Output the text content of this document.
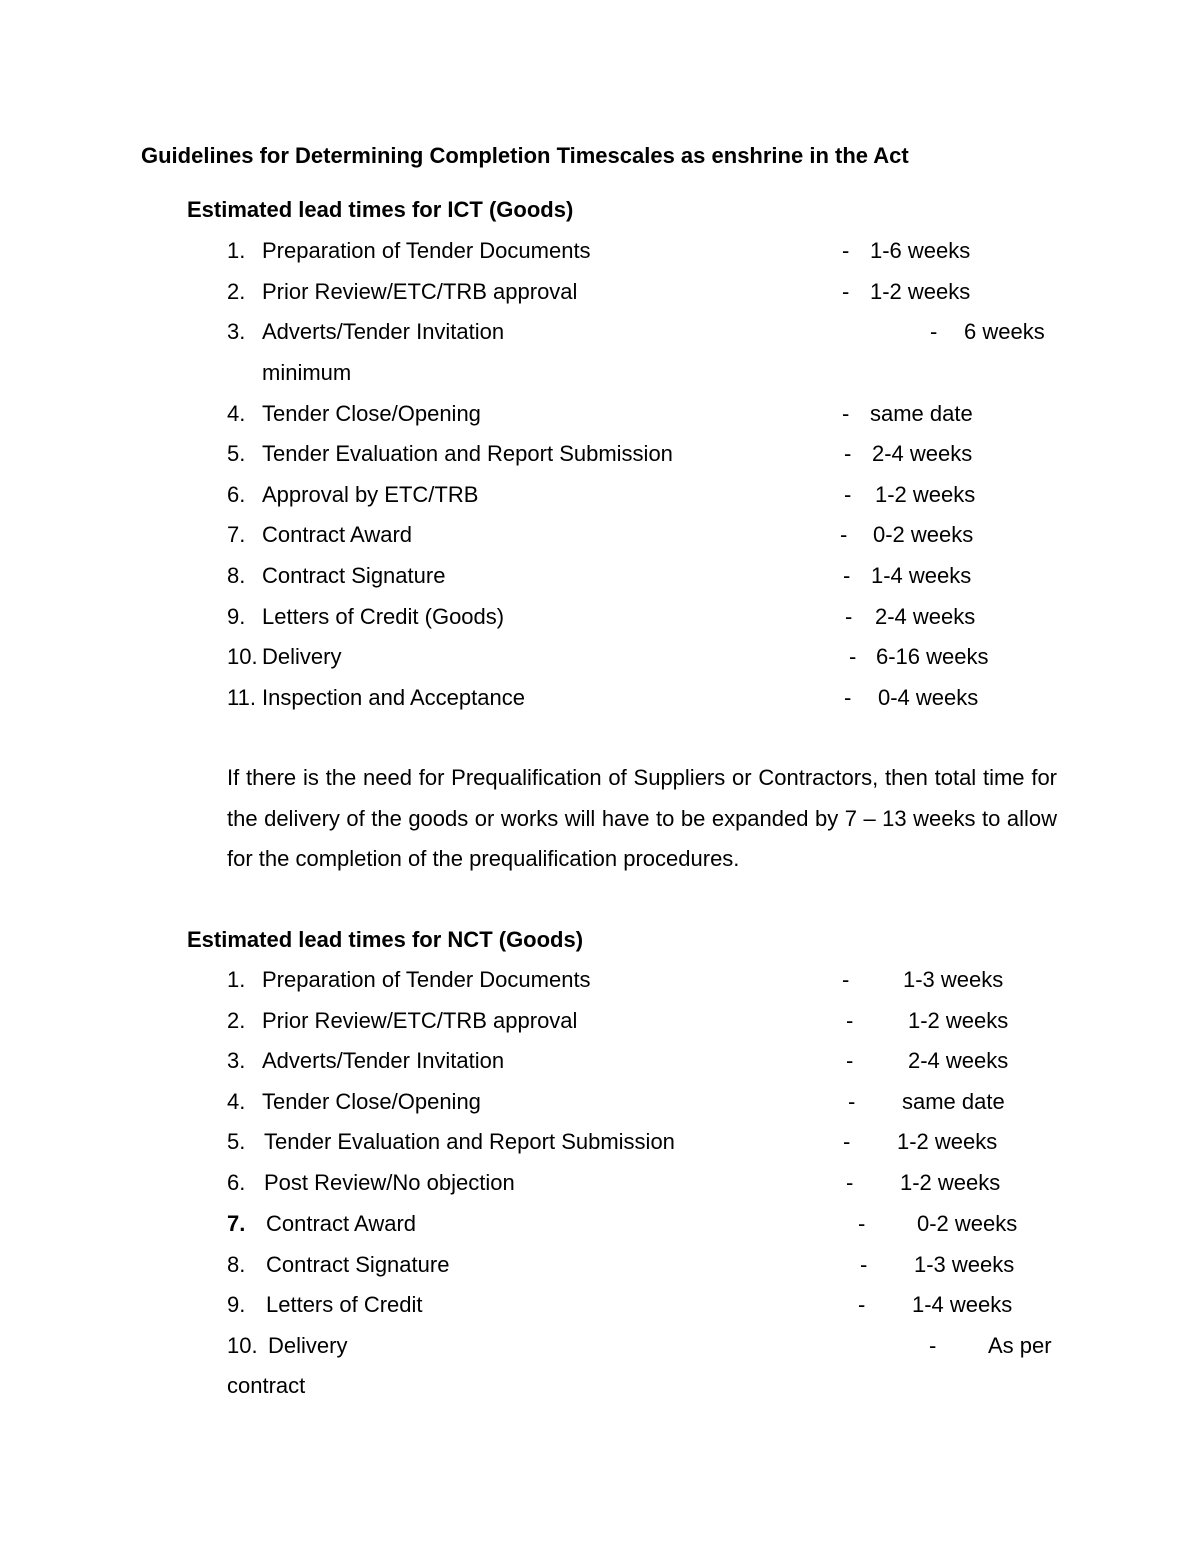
Guidelines for Determining Completion Timescales as enshrine in the Act
Estimated lead times for ICT (Goods)
1. Preparation of Tender Documents	- 1-6 weeks
2. Prior Review/ETC/TRB approval	- 1-2 weeks
3. Adverts/Tender Invitation	- 6 weeks
minimum
4. Tender Close/Opening	- same date
5. Tender Evaluation and Report Submission	- 2-4 weeks
6. Approval by ETC/TRB	- 1-2 weeks
7. Contract Award	- 0-2 weeks
8. Contract Signature	- 1-4 weeks
9. Letters of Credit (Goods)	- 2-4 weeks
10. Delivery	- 6-16 weeks
11. Inspection and Acceptance	- 0-4 weeks
If there is the need for Prequalification of Suppliers or Contractors, then total time for the delivery of the goods or works will have to be expanded by 7 – 13 weeks to allow for the completion of the prequalification procedures.
Estimated lead times for NCT (Goods)
1. Preparation of Tender Documents	- 1-3 weeks
2. Prior Review/ETC/TRB approval	- 1-2 weeks
3. Adverts/Tender Invitation	- 2-4 weeks
4. Tender Close/Opening	- same date
5. Tender Evaluation and Report Submission	- 1-2 weeks
6. Post Review/No objection	- 1-2 weeks
7. Contract Award	- 0-2 weeks
8. Contract Signature	- 1-3 weeks
9. Letters of Credit	- 1-4 weeks
10. Delivery	- As per
contract
